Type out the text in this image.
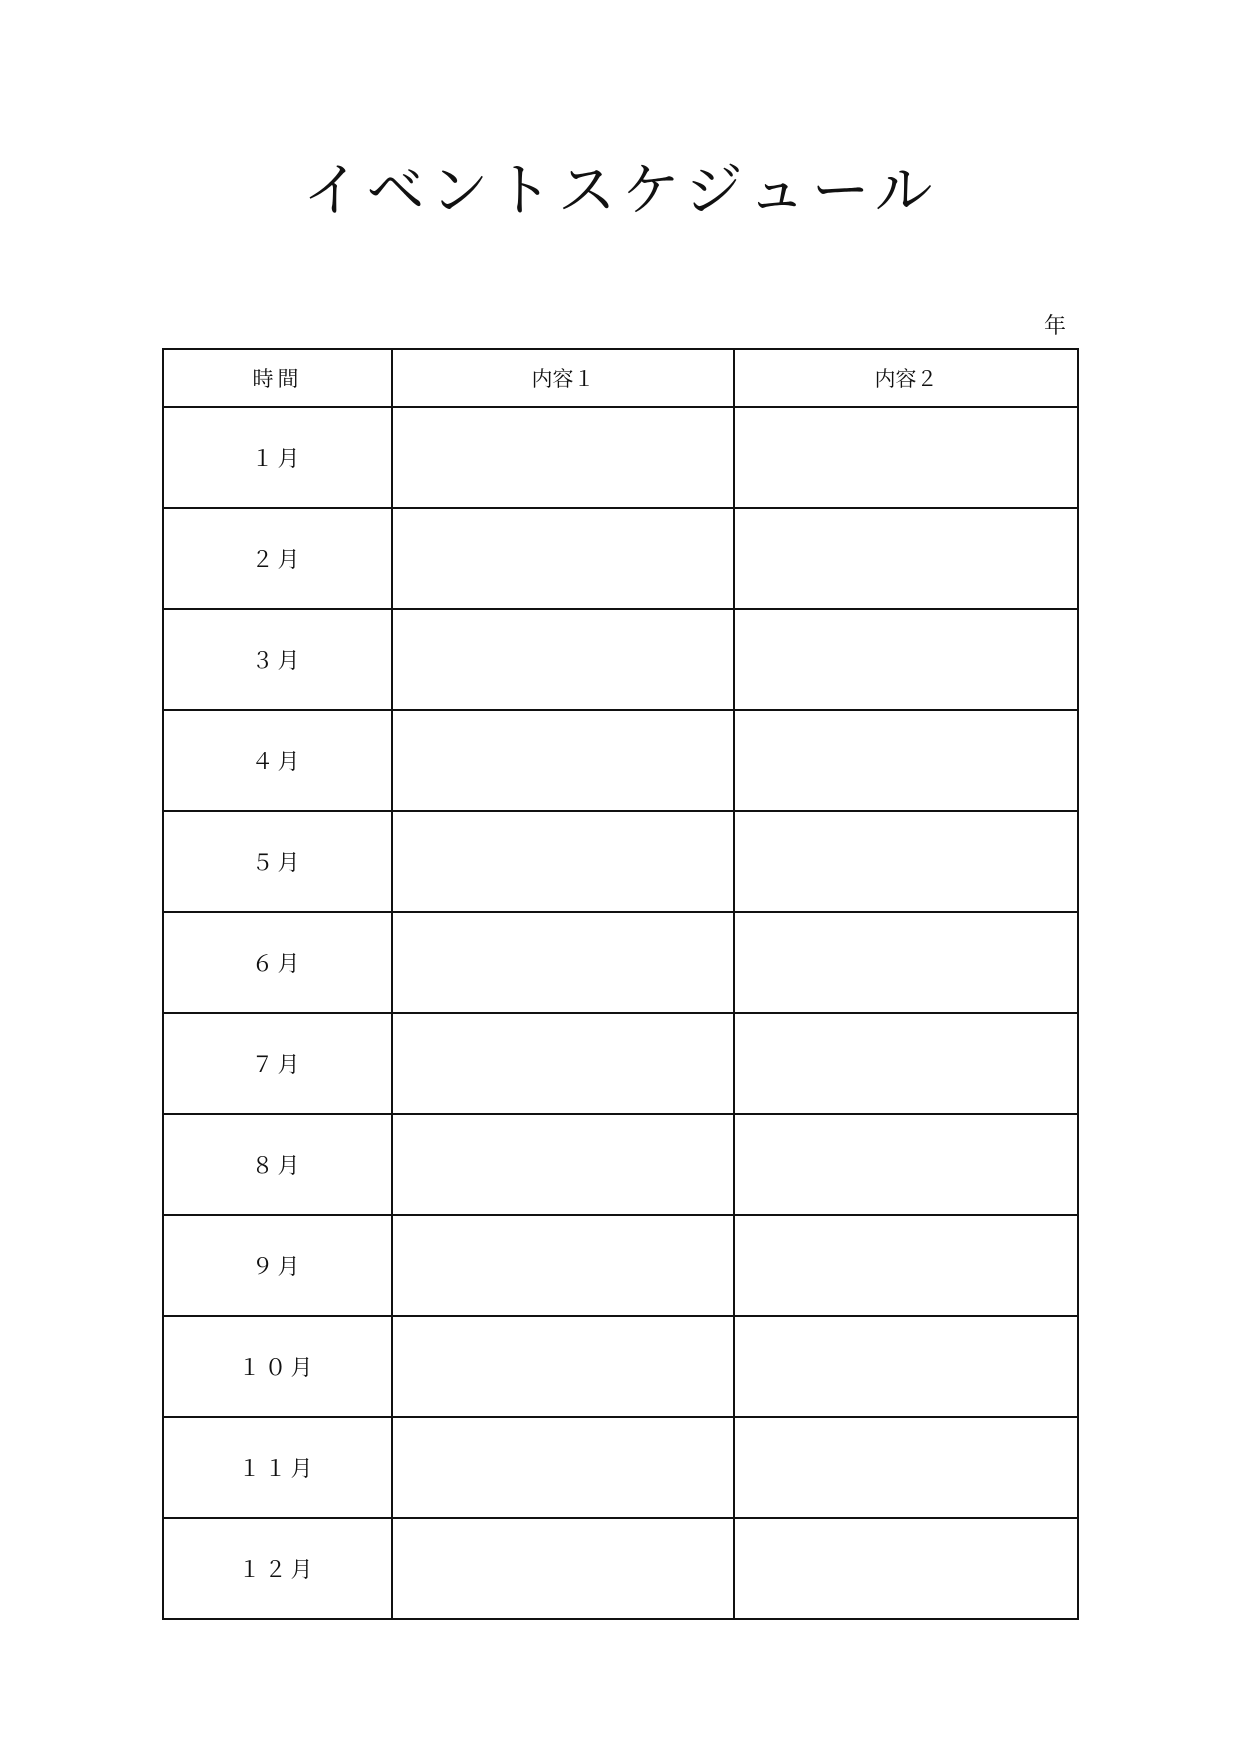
イベントスケジュール
年
時間	内容１	内容２
１月		
２月		
３月		
４月		
５月		
６月		
７月		
８月		
９月		
１０月		
１１月		
１２月		
